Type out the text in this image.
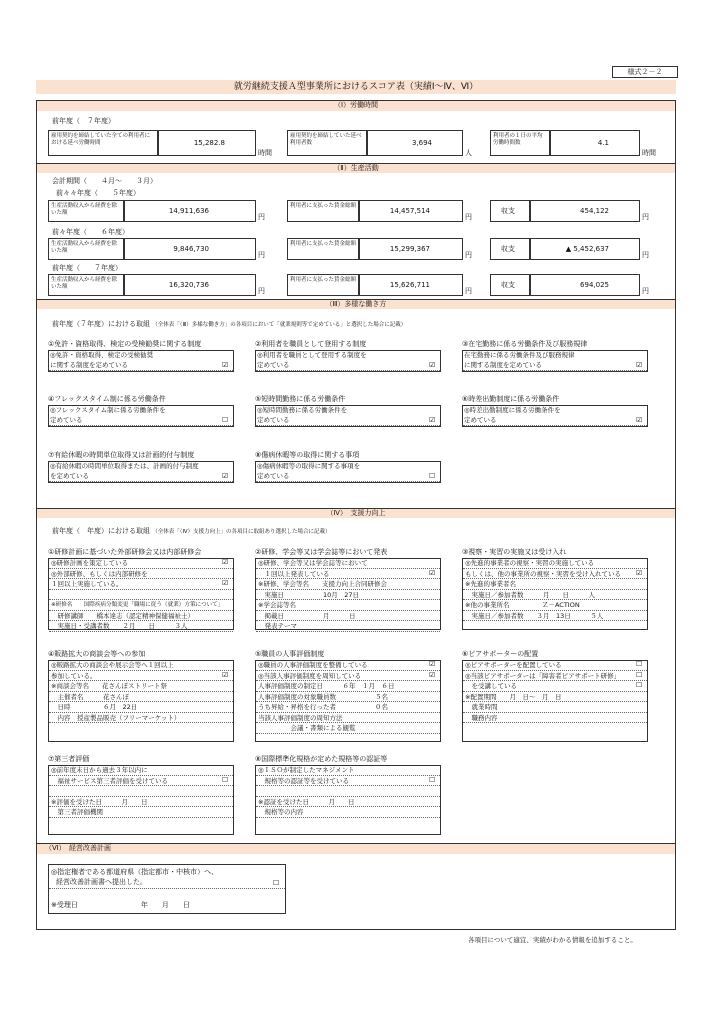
様式２－２
就労継続支援Ａ型事業所におけるスコア表（実績Ⅰ～Ⅳ、Ⅵ）
（Ⅰ）労働時間
前年度（　７年度）
雇用契約を締結していた全ての利用者における延べ労働時間	15,282.8
時間
雇用契約を締結していた延べ利用者数	3,694
人
利用者の１日の平均労働時間数	4.1
時間
（Ⅱ）生産活動
会計期間（　　４月～　　３月）
前々々年度（　　５年度）
生産活動収入から経費を除いた額	14,911,636
円
利用者に支払った賃金総額
14,457,514
円
収支	454,122
円
前々年度（　　６年度）
生産活動収入から経費を除いた額	9,846,730
円
利用者に支払った賃金総額
15,299,367
円
収支	▲ 5,452,637
円
前年度（　　７年度）
生産活動収入から経費を除いた額	16,320,736
円
利用者に支払った賃金総額
15,626,711
円
収支	694,025
円
（Ⅲ）多様な働き方
前年度（７年度）における取組 （全体表「（Ⅲ）多様な働き方」の各項目において「就業規則等で定めている」と選択した場合に記載）
①免許・資格取得、検定の受検勧奨に関する制度
◎免許・資格取得、検定の受検勧奨
に関する制度を定めている	☑
②利用者を職員として登用する制度
◎利用者を職員として登用する制度を
定めている	☑
③在宅勤務に係る労働条件及び服務規律
在宅勤務に係る労働条件及び服務規律
に関する制度を定めている	☑
④フレックスタイム制に係る労働条件
◎フレックスタイム制に係る労働条件を
定めている	☐
⑤短時間勤務に係る労働条件
◎短時間勤務に係る労働条件を
定めている	☑
⑥時差出勤制度に係る労働条件
◎時差出勤制度に係る労働条件を
定めている	☑
⑦有給休暇の時間単位取得又は計画的付与制度
◎有給休暇の時間単位取得または、計画的付与制度
を定めている	☑
⑧傷病休暇等の取得に関する事項
◎傷病休暇等の取得に関する事項を
定めている	☐
（Ⅳ）　支援力向上
前年度（　年度）における取組 （全体表「（Ⅳ）支援力向上」の各項目に取組あり選択した場合に記載）
①研修計画に基づいた外部研修会又は内部研修会
◎研修計画を策定している
◎外部研修、もしくは内部研修を
１回以上実施している。
※研修名　　国際疾病分類変更「職場に従う（就業）方策について」
　研修講師　　橋本達志（認定精神保健福祉士）
　実施日・受講者数　　２月　　日　　　３人
☑
☑
②研修、学会等又は学会誌等において発表
◎研修、学会等又は学会誌等において
　１回以上発表している
※研修、学会等名　　支援力向上合同研修会
　実施日　　　　　　10月　27日
※学会誌等名
　掲載日　　　　　　月　　　日
　発表テーマ
☑
③視察・実習の実施又は受け入れ
◎先進的事業者の視察・実習の実施している
もしくは、他の事業所の視察・実習を受け入れている
※先進的事業者名
　実施日／参加者数　　　月　　日　　　人
※他の事業所名　　　　　Ｚ－ACTION
　実施日／参加者数　　３月　13日　　　５人
☑
④販路拡大の商談会等への参加
◎販路拡大の商談会や展示会等へ１回以上
参加している。
※商談会等名　　花さんぽストリート祭
　主催者名　　　花さんぽ
　日時　　　　　６月　22日
　内容　授産製品販売（フリーマーケット）
☑
⑤職員の人事評価制度
◎職員の人事評価制度を整備している
◎当該人事評価制度を周知している
人事評価制度の制定日　　　６年　１月　６日
人事評価制度の対象職員数　　　　　　５名
うち昇給・昇格を行った者　　　　　　０名
当該人事評価制度の周知方法
　　　　　会議・書類による観覧
☑
☑
⑥ピアサポーターの配置
◎ピアサポーターを配置している
◎当該ピアサポーターは「障害者ピアサポート研修」
　を受講している
※配置期間　　月　日～　月　日
　就業時間
　職務内容
☐
☐
☐
⑦第三者評価
◎前年度末日から過去３年以内に
　福祉サービス第三者評価を受けている
※評価を受けた日　　　月　　日
　第三者評価機関
☐
⑧国際標準化規格が定めた規格等の認証等
◎ＩＳＯが制定したマネジメント
　規格等の認証等を受けている
※認証を受けた日　　　月　　日
　規格等の内容
☐
（Ⅵ）　経営改善計画
◎指定権者である都道府県（指定都市・中核市）へ、
　経営改善計画書へ提出した。	☐
※受理日　　　　　　　　　年　　月　　日
各項目について適宜、実績がわかる情報を追加すること。
